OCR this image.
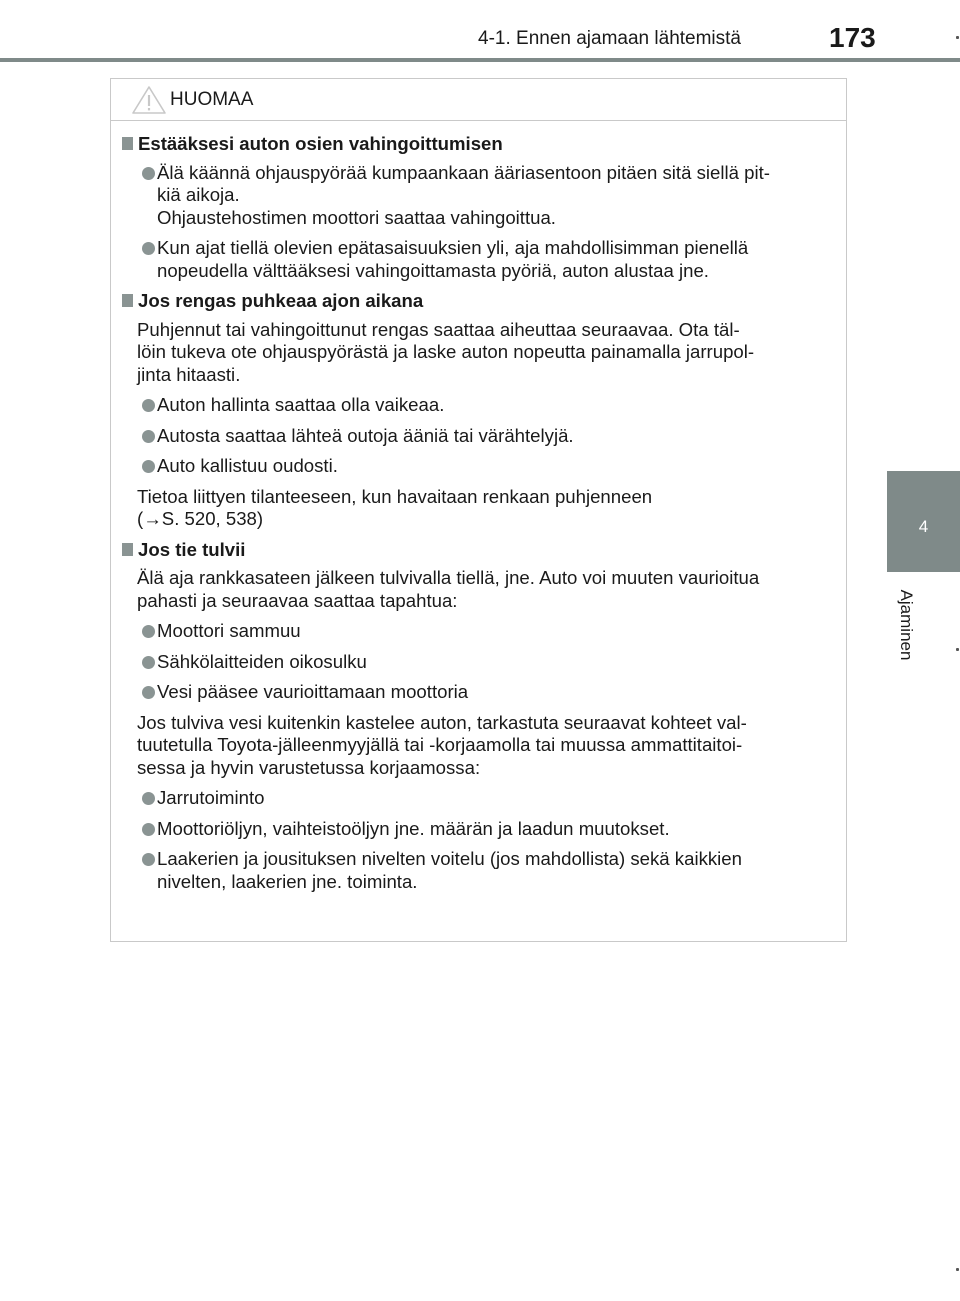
4-1. Ennen ajamaan lähtemistä	173
4
Ajaminen
HUOMAA
Estääksesi auton osien vahingoittumisen
Älä käännä ohjauspyörää kumpaankaan ääriasentoon pitäen sitä siellä pit-
kiä aikoja.
Ohjaustehostimen moottori saattaa vahingoittua.
Kun ajat tiellä olevien epätasaisuuksien yli, aja mahdollisimman pienellä
nopeudella välttääksesi vahingoittamasta pyöriä, auton alustaa jne.
Jos rengas puhkeaa ajon aikana
Puhjennut tai vahingoittunut rengas saattaa aiheuttaa seuraavaa. Ota täl-
löin tukeva ote ohjauspyörästä ja laske auton nopeutta painamalla jarrupol-
jinta hitaasti.
Auton hallinta saattaa olla vaikeaa.
Autosta saattaa lähteä outoja ääniä tai värähtelyjä.
Auto kallistuu oudosti.
Tietoa liittyen tilanteeseen, kun havaitaan renkaan puhjenneen
(→S. 520, 538)
Jos tie tulvii
Älä aja rankkasateen jälkeen tulvivalla tiellä, jne. Auto voi muuten vaurioitua
pahasti ja seuraavaa saattaa tapahtua:
Moottori sammuu
Sähkölaitteiden oikosulku
Vesi pääsee vaurioittamaan moottoria
Jos tulviva vesi kuitenkin kastelee auton, tarkastuta seuraavat kohteet val-
tuutetulla Toyota-jälleenmyyjällä tai -korjaamolla tai muussa ammattitaitoi-
sessa ja hyvin varustetussa korjaamossa:
Jarrutoiminto
Moottoriöljyn, vaihteistoöljyn jne. määrän ja laadun muutokset.
Laakerien ja jousituksen nivelten voitelu (jos mahdollista) sekä kaikkien
nivelten, laakerien jne. toiminta.
